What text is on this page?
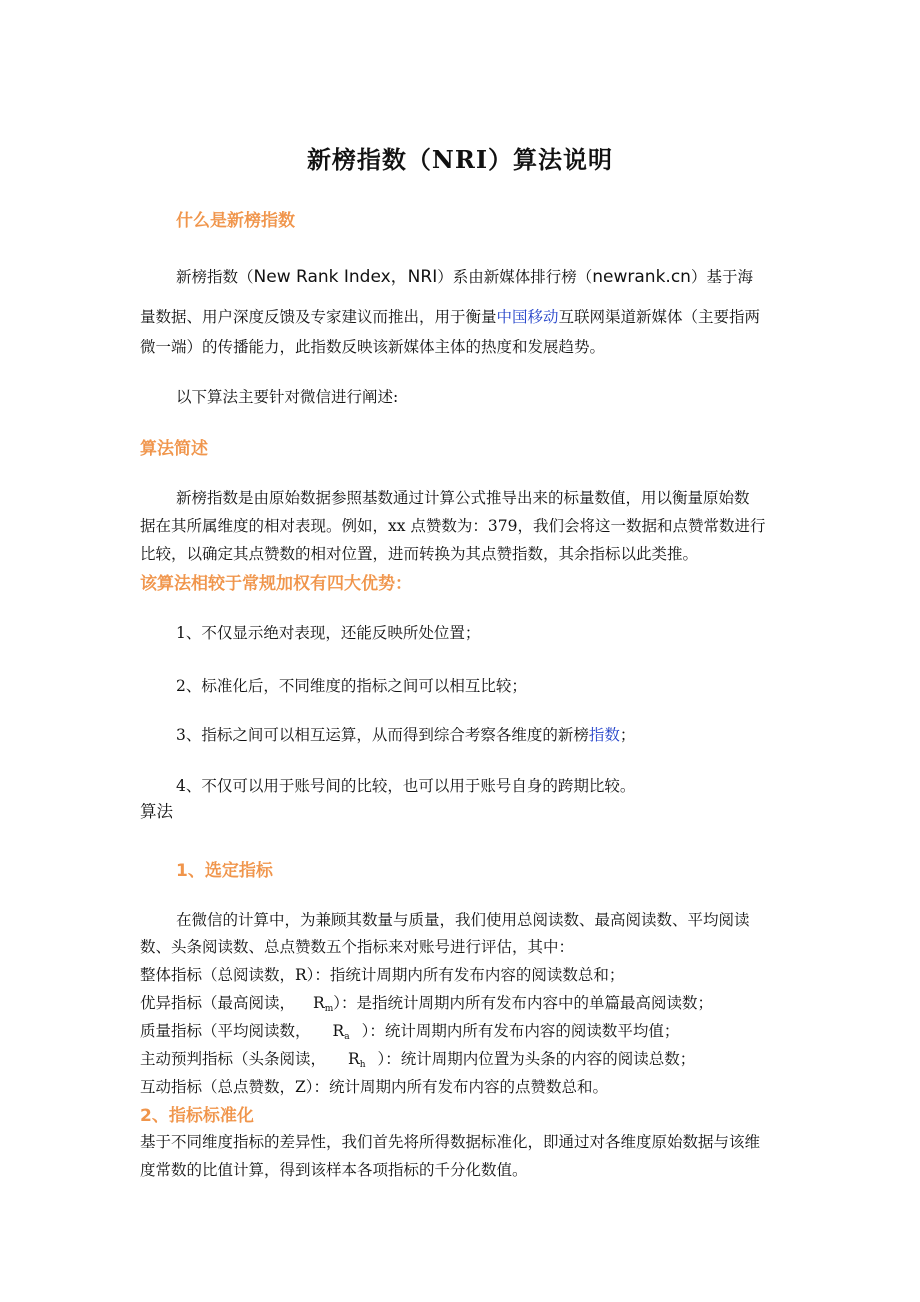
新榜指数（NRI）算法说明
什么是新榜指数
新榜指数（New Rank Index，NRI）系由新媒体排行榜（newrank.cn）基于海
量数据、用户深度反馈及专家建议而推出，用于衡量中国移动互联网渠道新媒体（主要指两
微一端）的传播能力，此指数反映该新媒体主体的热度和发展趋势。
以下算法主要针对微信进行阐述:
算法简述
新榜指数是由原始数据参照基数通过计算公式推导出来的标量数值，用以衡量原始数
据在其所属维度的相对表现。例如，xx 点赞数为：379，我们会将这一数据和点赞常数进行
比较，以确定其点赞数的相对位置，进而转换为其点赞指数，其余指标以此类推。
该算法相较于常规加权有四大优势：
1、不仅显示绝对表现，还能反映所处位置；
2、标准化后，不同维度的指标之间可以相互比较；
3、指标之间可以相互运算，从而得到综合考察各维度的新榜指数；
4、不仅可以用于账号间的比较，也可以用于账号自身的跨期比较。
算法
1、选定指标
在微信的计算中，为兼顾其数量与质量，我们使用总阅读数、最高阅读数、平均阅读
数、头条阅读数、总点赞数五个指标来对账号进行评估，其中：
整体指标（总阅读数，R）：指统计周期内所有发布内容的阅读数总和；
优异指标（最高阅读， $R_m$）：是指统计周期内所有发布内容中的单篇最高阅读数；
质量指标（平均阅读数， $R_a$ ）：统计周期内所有发布内容的阅读数平均值；
主动预判指标（头条阅读， $R_h$ ）：统计周期内位置为头条的内容的阅读总数；
互动指标（总点赞数，Z）：统计周期内所有发布内容的点赞数总和。
2、指标标准化
基于不同维度指标的差异性，我们首先将所得数据标准化，即通过对各维度原始数据与该维
度常数的比值计算，得到该样本各项指标的千分化数值。
